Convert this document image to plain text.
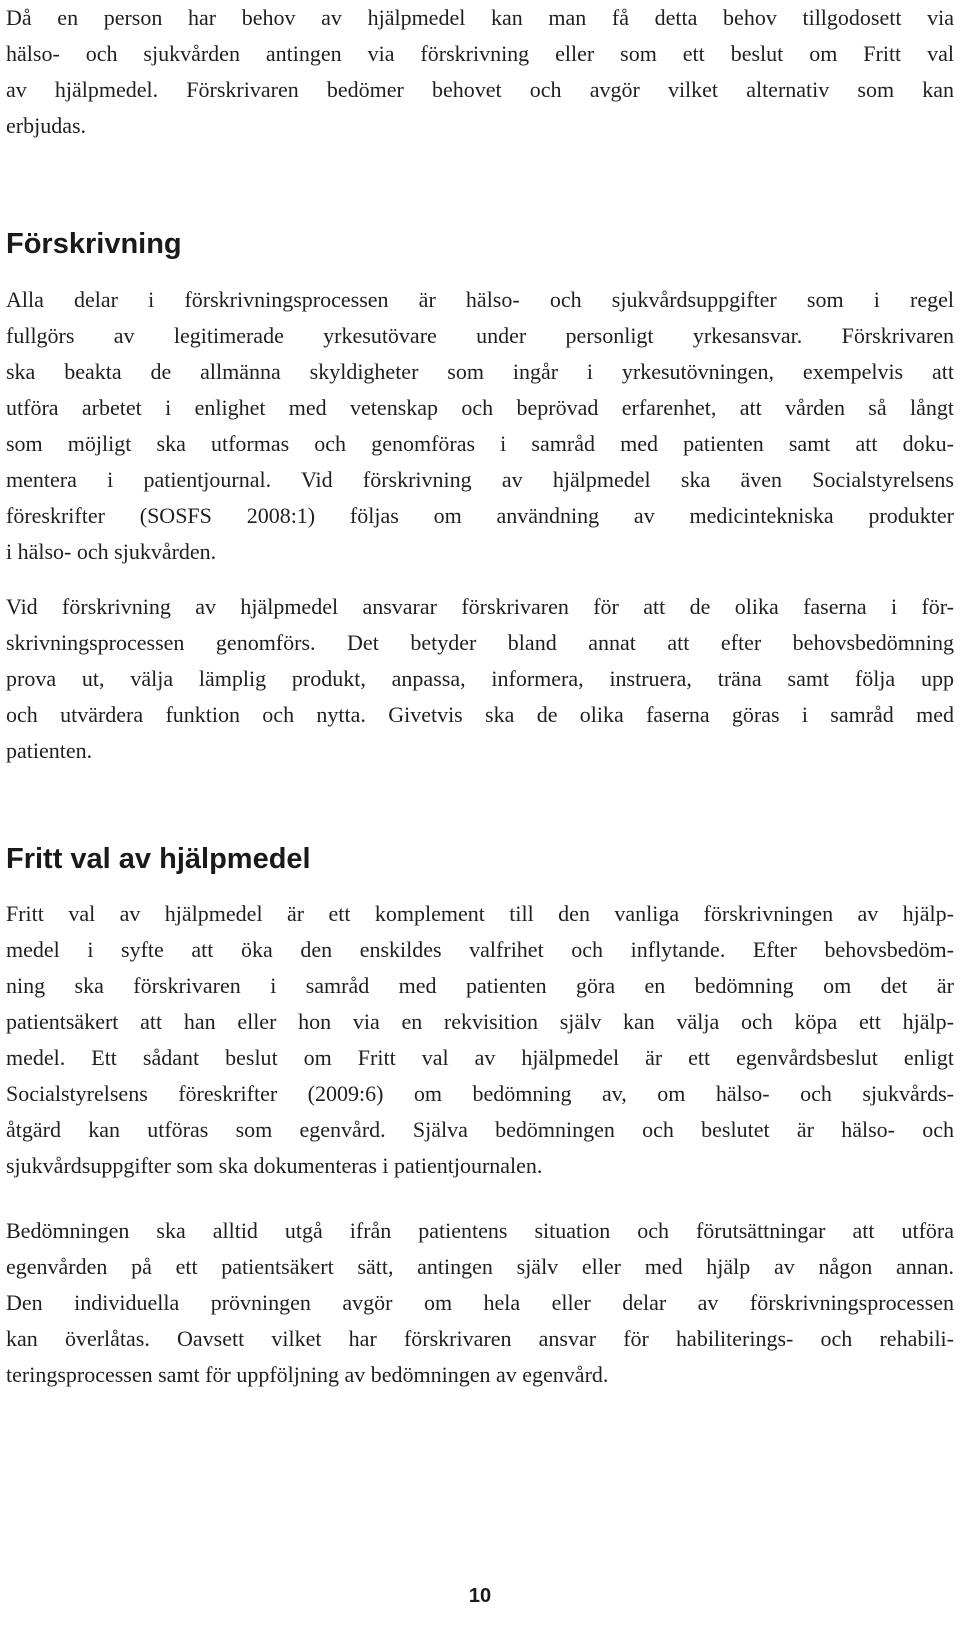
Då en person har behov av hjälpmedel kan man få detta behov tillgodosett via
hälso- och sjukvården antingen via förskrivning eller som ett beslut om Fritt val
av hjälpmedel. Förskrivaren bedömer behovet och avgör vilket alternativ som kan
erbjudas.
Förskrivning
Alla delar i förskrivningsprocessen är hälso- och sjukvårdsuppgifter som i regel
fullgörs av legitimerade yrkesutövare under personligt yrkesansvar. Förskrivaren
ska beakta de allmänna skyldigheter som ingår i yrkesutövningen, exempelvis att
utföra arbetet i enlighet med vetenskap och beprövad erfarenhet, att vården så långt
som möjligt ska utformas och genomföras i samråd med patienten samt att doku-
mentera i patientjournal. Vid förskrivning av hjälpmedel ska även Socialstyrelsens
föreskrifter (SOSFS 2008:1) följas om användning av medicintekniska produkter
i hälso- och sjukvården.
Vid förskrivning av hjälpmedel ansvarar förskrivaren för att de olika faserna i för-
skrivningsprocessen genomförs. Det betyder bland annat att efter behovsbedömning
prova ut, välja lämplig produkt, anpassa, informera, instruera, träna samt följa upp
och utvärdera funktion och nytta. Givetvis ska de olika faserna göras i samråd med
patienten.
Fritt val av hjälpmedel
Fritt val av hjälpmedel är ett komplement till den vanliga förskrivningen av hjälp-
medel i syfte att öka den enskildes valfrihet och inflytande. Efter behovsbedöm-
ning ska förskrivaren i samråd med patienten göra en bedömning om det är
patientsäkert att han eller hon via en rekvisition själv kan välja och köpa ett hjälp-
medel. Ett sådant beslut om Fritt val av hjälpmedel är ett egenvårdsbeslut enligt
Socialstyrelsens föreskrifter (2009:6) om bedömning av, om hälso- och sjukvårds-
åtgärd kan utföras som egenvård. Själva bedömningen och beslutet är hälso- och
sjukvårdsuppgifter som ska dokumenteras i patientjournalen.
Bedömningen ska alltid utgå ifrån patientens situation och förutsättningar att utföra
egenvården på ett patientsäkert sätt, antingen själv eller med hjälp av någon annan.
Den individuella prövningen avgör om hela eller delar av förskrivningsprocessen
kan överlåtas. Oavsett vilket har förskrivaren ansvar för habiliterings- och rehabili-
teringsprocessen samt för uppföljning av bedömningen av egenvård.
10
